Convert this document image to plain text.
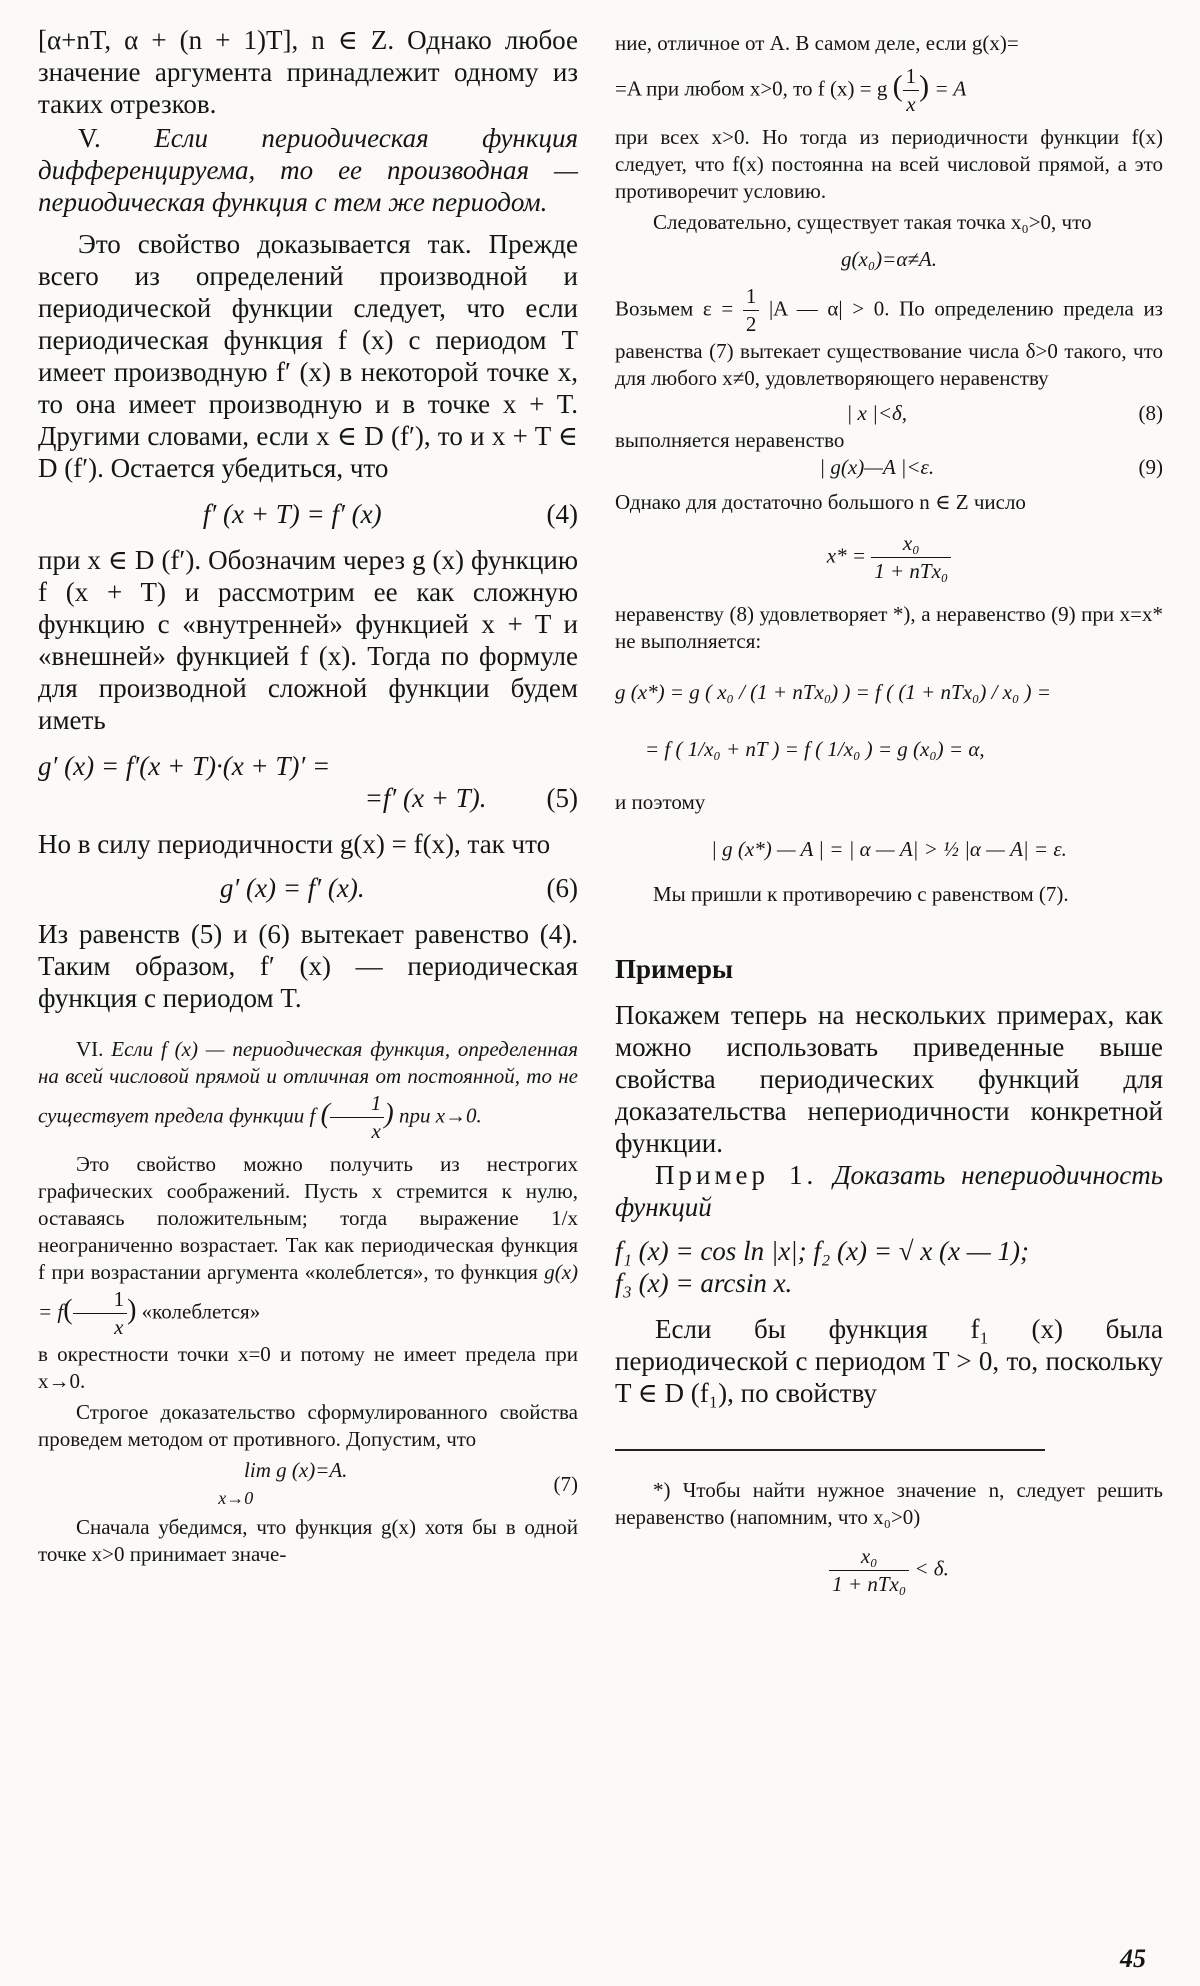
[α+nT, α + (n + 1)T], n ∈ Z. Однако любое значение аргумента принадлежит одному из таких отрезков.

V. Если периодическая функция дифференцируема, то ее производная — периодическая функция с тем же периодом.

Это свойство доказывается так. Прежде всего из определений производной и периодической функции следует, что если периодическая функция f (x) с периодом T имеет производную f′ (x) в некоторой точке x, то она имеет производную и в точке x + T. Другими словами, если x ∈ D (f′), то и x + T ∈ D (f′). Остается убедиться, что

f′ (x + T) = f′ (x)	(4)

при x ∈ D (f′). Обозначим через g (x) функцию f (x + T) и рассмотрим ее как сложную функцию с «внутренней» функцией x + T и «внешней» функцией f (x). Тогда по формуле для производной сложной функции будем иметь

g′ (x) = f′(x + T)·(x + T)′ =
=f′ (x + T).	(5)

Но в силу периодичности g(x) = f(x), так что

g′ (x) = f′ (x).	(6)

Из равенств (5) и (6) вытекает равенство (4). Таким образом, f′ (x) — периодическая функция с периодом T.

VI. Если f (x) — периодическая функция, определенная на всей числовой прямой и отличная от постоянной, то не существует предела функции f ( $\frac{1}{x}$ ) при x→0.

Это свойство можно получить из нестрогих графических соображений. Пусть x стремится к нулю, оставаясь положительным; тогда выражение 1/x неограниченно возрастает. Так как периодическая функция f при возрастании аргумента «колеблется», то функция $g(x) = f( \frac{1}{x}$ ) «колеблется»

в окрестности точки x=0 и потому не имеет предела при x→0.

Строгое доказательство сформулированного свойства проведем методом от противного. Допустим, что

lim g (x)=A.
x→0
(7)

Сначала убедимся, что функция g(x) хотя бы в одной точке x>0 принимает значе-

ние, отличное от A. В самом деле, если g(x)=

=A при любом x>0, то f (x) = g ( $\frac{1}{x}$ ) = A

при всех x>0. Но тогда из периодичности функции f(x) следует, что f(x) постоянна на всей числовой прямой, а это противоречит условию.

Следовательно, существует такая точка x₀>0, что

g(x₀)=α≠A.

Возьмем $\varepsilon = \frac{1}{2} |A$ — α| > 0. По определению предела из равенства (7) вытекает существование числа δ>0 такого, что для любого x≠0, удовлетворяющего неравенству

| x |<δ,	(8)

выполняется неравенство

| g(x)—A |<ε.	(9)

Однако для достаточно большого n ∈ Z число

$x* = \frac{\text{x₀}}{\text{1 + nTx₀}}$

неравенству (8) удовлетворяет *), а неравенство (9) при x=x* не выполняется:

g (x*) = g ( x₀ / (1 + nTx₀) ) = f ( (1 + nTx₀) / x₀ ) =
= f ( 1/x₀ + nT ) = f ( 1/x₀ ) = g (x₀) = α,

и поэтому

| g (x*) — A | = | α — A| > ½ |α — A| = ε.

Мы пришли к противоречию с равенством (7).

Примеры

Покажем теперь на нескольких примерах, как можно использовать приведенные выше свойства периодических функций для доказательства непериодичности конкретной функции.

Пример 1. Доказать непериодичность функций

f₁ (x) = cos ln |x|; f₂ (x) = √ x (x — 1);
f₃ (x) = arcsin x.

Если бы функция f₁ (x) была периодической с периодом T > 0, то, поскольку T ∈ D (f₁), по свойству

*) Чтобы найти нужное значение n, следует решить неравенство (напомним, что x₀>0)

$\frac{\text{x₀}}{\text{1 + nTx₀}} < \delta$.
45
